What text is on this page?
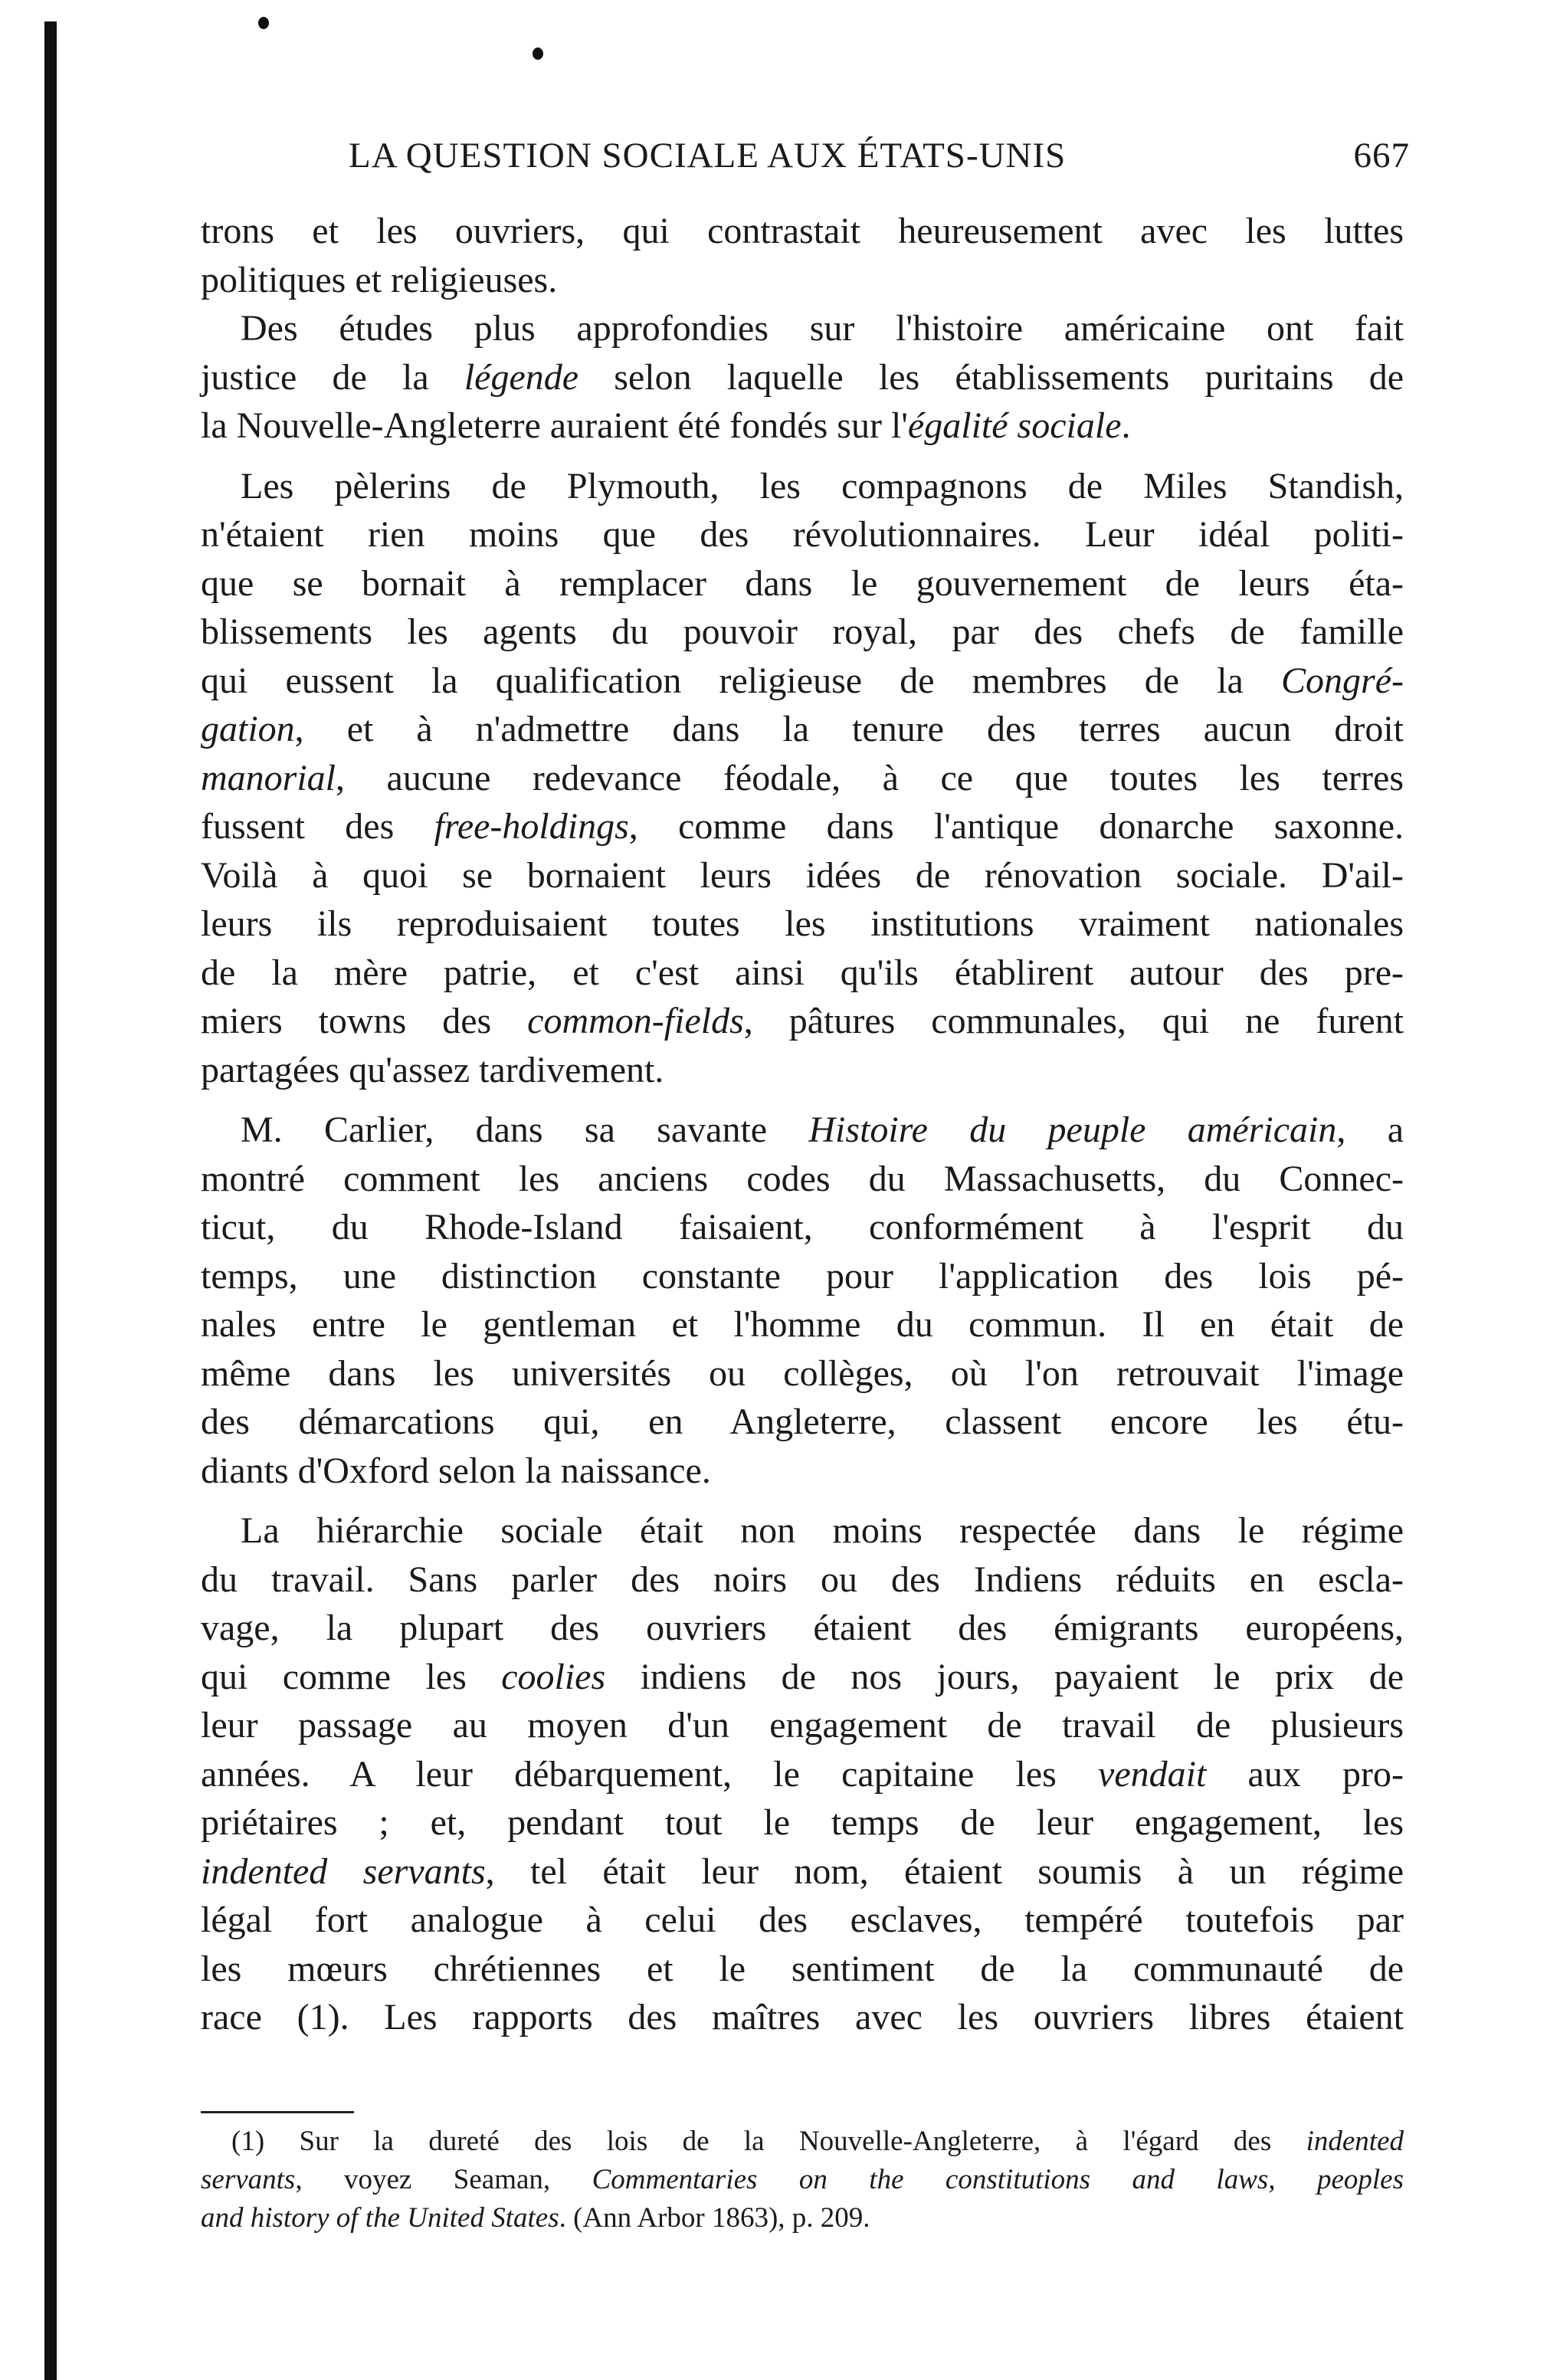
LA QUESTION SOCIALE AUX ÉTATS-UNIS	667
trons et les ouvriers, qui contrastait heureusement avec les luttes
politiques et religieuses.
Des études plus approfondies sur l'histoire américaine ont fait
justice de la légende selon laquelle les établissements puritains de
la Nouvelle-Angleterre auraient été fondés sur l'égalité sociale.
Les pèlerins de Plymouth, les compagnons de Miles Standish,
n'étaient rien moins que des révolutionnaires. Leur idéal politi-
que se bornait à remplacer dans le gouvernement de leurs éta-
blissements les agents du pouvoir royal, par des chefs de famille
qui eussent la qualification religieuse de membres de la Congré-
gation, et à n'admettre dans la tenure des terres aucun droit
manorial, aucune redevance féodale, à ce que toutes les terres
fussent des free-holdings, comme dans l'antique donarche saxonne.
Voilà à quoi se bornaient leurs idées de rénovation sociale. D'ail-
leurs ils reproduisaient toutes les institutions vraiment nationales
de la mère patrie, et c'est ainsi qu'ils établirent autour des pre-
miers towns des common-fields, pâtures communales, qui ne furent
partagées qu'assez tardivement.
M. Carlier, dans sa savante Histoire du peuple américain, a
montré comment les anciens codes du Massachusetts, du Connec-
ticut, du Rhode-Island faisaient, conformément à l'esprit du
temps, une distinction constante pour l'application des lois pé-
nales entre le gentleman et l'homme du commun. Il en était de
même dans les universités ou collèges, où l'on retrouvait l'image
des démarcations qui, en Angleterre, classent encore les étu-
diants d'Oxford selon la naissance.
La hiérarchie sociale était non moins respectée dans le régime
du travail. Sans parler des noirs ou des Indiens réduits en escla-
vage, la plupart des ouvriers étaient des émigrants européens,
qui comme les coolies indiens de nos jours, payaient le prix de
leur passage au moyen d'un engagement de travail de plusieurs
années. A leur débarquement, le capitaine les vendait aux pro-
priétaires ; et, pendant tout le temps de leur engagement, les
indented servants, tel était leur nom, étaient soumis à un régime
légal fort analogue à celui des esclaves, tempéré toutefois par
les mœurs chrétiennes et le sentiment de la communauté de
race (1). Les rapports des maîtres avec les ouvriers libres étaient
(1) Sur la dureté des lois de la Nouvelle-Angleterre, à l'égard des indented
servants, voyez Seaman, Commentaries on the constitutions and laws, peoples
and history of the United States. (Ann Arbor 1863), p. 209.
